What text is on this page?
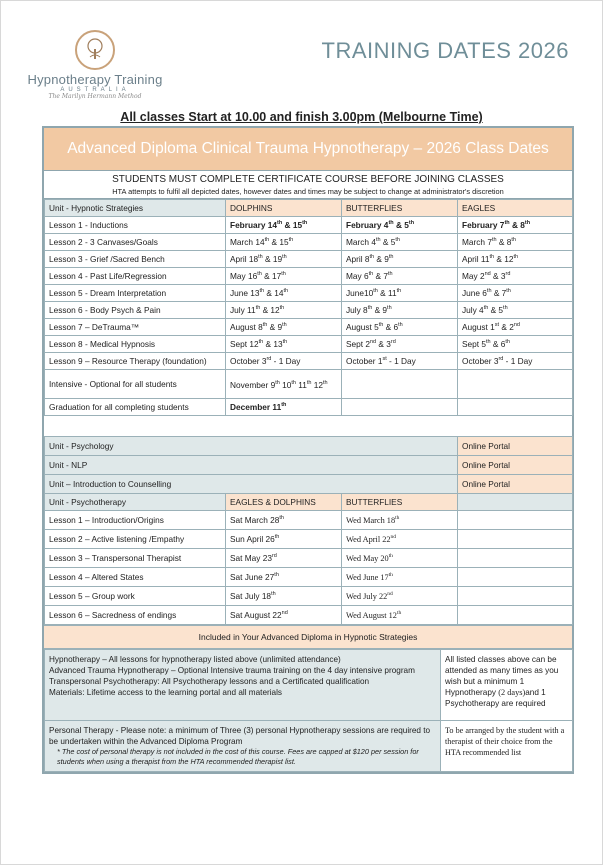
Hypnotherapy Training
AUSTRALIA
The Marilyn Hermann Method
TRAINING DATES 2026
All classes Start at 10.00 and finish 3.00pm (Melbourne Time)
Advanced Diploma Clinical Trauma Hypnotherapy – 2026 Class Dates
STUDENTS MUST COMPLETE CERTIFICATE COURSE BEFORE JOINING CLASSES
HTA attempts to fulfil all depicted dates, however dates and times may be subject to change at administrator's discretion
Unit - Hypnotic Strategies	DOLPHINS	BUTTERFLIES	EAGLES
Lesson 1 - Inductions	February 14th & 15th	February 4th & 5th	February 7th & 8th
Lesson 2 - 3 Canvases/Goals	March 14th & 15th	March 4th & 5th	March 7th & 8th
Lesson 3 - Grief /Sacred Bench	April 18th & 19th	April 8th & 9th	April 11th & 12th
Lesson 4 - Past Life/Regression	May 16th & 17th	May 6th & 7th	May 2nd & 3rd
Lesson 5 - Dream Interpretation	June 13th & 14th	June10th & 11th	June 6th & 7th
Lesson 6 - Body Psych & Pain	July 11th & 12th	July 8th & 9th	July 4th & 5th
Lesson 7 – DeTrauma™	August 8th & 9th	August 5th & 6th	August 1st & 2nd
Lesson 8 - Medical Hypnosis	Sept 12th & 13th	Sept 2nd & 3rd	Sept 5th & 6th
Lesson 9 – Resource Therapy (foundation)	October 3rd - 1 Day	October 1st - 1 Day	October 3rd - 1 Day
Intensive - Optional for all students	November 9th 10th 11th 12th		
Graduation for all completing students	December 11th		

Unit - Psychology			Online Portal
Unit - NLP			Online Portal
Unit – Introduction to Counselling			Online Portal
Unit - Psychotherapy	EAGLES & DOLPHINS	BUTTERFLIES	
Lesson 1 – Introduction/Origins	Sat March 28th	Wed March 18th	
Lesson 2 – Active listening /Empathy	Sun April 26th	Wed April 22nd	
Lesson 3 – Transpersonal Therapist	Sat May 23rd	Wed May 20th	
Lesson 4 – Altered States	Sat June 27th	Wed June 17th	
Lesson 5 – Group work	Sat July 18th	Wed July 22nd	
Lesson 6 – Sacredness of endings	Sat August 22nd	Wed August 12th	
Included in Your Advanced Diploma in Hypnotic Strategies
Hypnotherapy – All lessons for hypnotherapy listed above (unlimited attendance)
Advanced Trauma Hypnotherapy – Optional Intensive trauma training on the 4 day intensive program
Transpersonal Psychotherapy: All Psychotherapy lessons and a Certificated qualification
Materials: Lifetime access to the learning portal and all materials	All listed classes above can be attended as many times as you wish but a minimum 1 Hypnotherapy (2 days)and 1 Psychotherapy are required

Personal Therapy - Please note: a minimum of Three (3) personal Hypnotherapy sessions are required to be undertaken within the Advanced Diploma Program
* The cost of personal therapy is not included in the cost of this course. Fees are capped at $120 per session for students when using a therapist from the HTA recommended therapist list.	To be arranged by the student with a therapist of their choice from the HTA recommended list
